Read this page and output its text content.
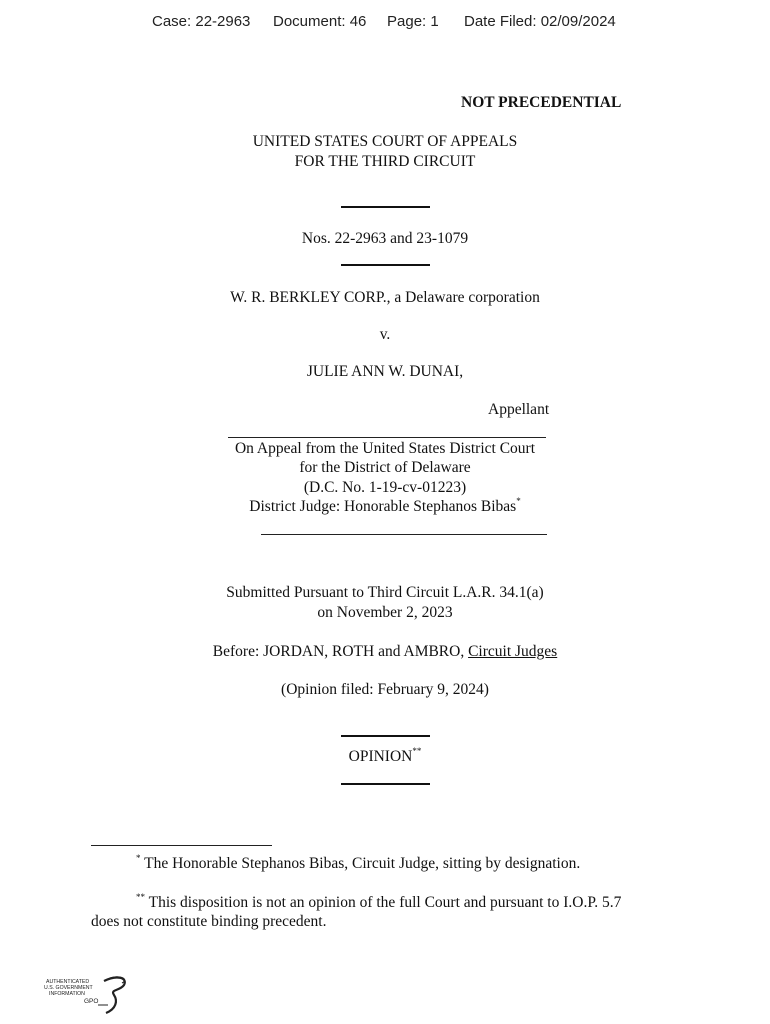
Case: 22-2963 Document: 46 Page: 1 Date Filed: 02/09/2024
NOT PRECEDENTIAL
UNITED STATES COURT OF APPEALS
FOR THE THIRD CIRCUIT
Nos. 22-2963 and 23-1079
W. R. BERKLEY CORP., a Delaware corporation
v.
JULIE ANN W. DUNAI,
Appellant
On Appeal from the United States District Court
for the District of Delaware
(D.C. No. 1-19-cv-01223)
District Judge: Honorable Stephanos Bibas*
Submitted Pursuant to Third Circuit L.A.R. 34.1(a)
on November 2, 2023
Before: JORDAN, ROTH and AMBRO, Circuit Judges
(Opinion filed: February 9, 2024)
OPINION**
* The Honorable Stephanos Bibas, Circuit Judge, sitting by designation.
** This disposition is not an opinion of the full Court and pursuant to I.O.P. 5.7
does not constitute binding precedent.
AUTHENTICATED
U.S. GOVERNMENT
INFORMATION
GPO
